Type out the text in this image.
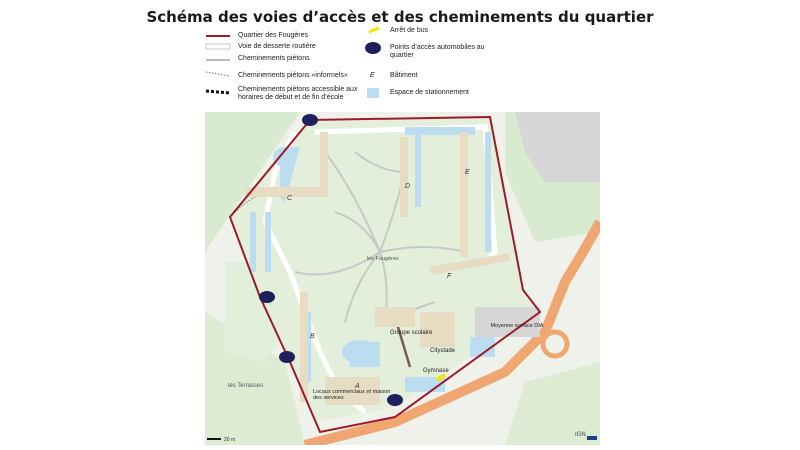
Schéma des voies d’accès et des cheminements du quartier
Quartier des Fougères
Voie de desserte routière
Cheminements piétons
Cheminements piétons «informels»
Cheminements piétons accessible aux horaires de début et de fin d’école
Arrêt de bus
Points d’accès automobiles au quartier
E Bâtiment
Espace de stationnement
C
D
E
F
B
A
les Fougères
Groupe scolaire
Citystade
Gymnase
les Terrasses
Locaux commerciaux et maison des services
Moyenne surface DIA
20 m
IGN
